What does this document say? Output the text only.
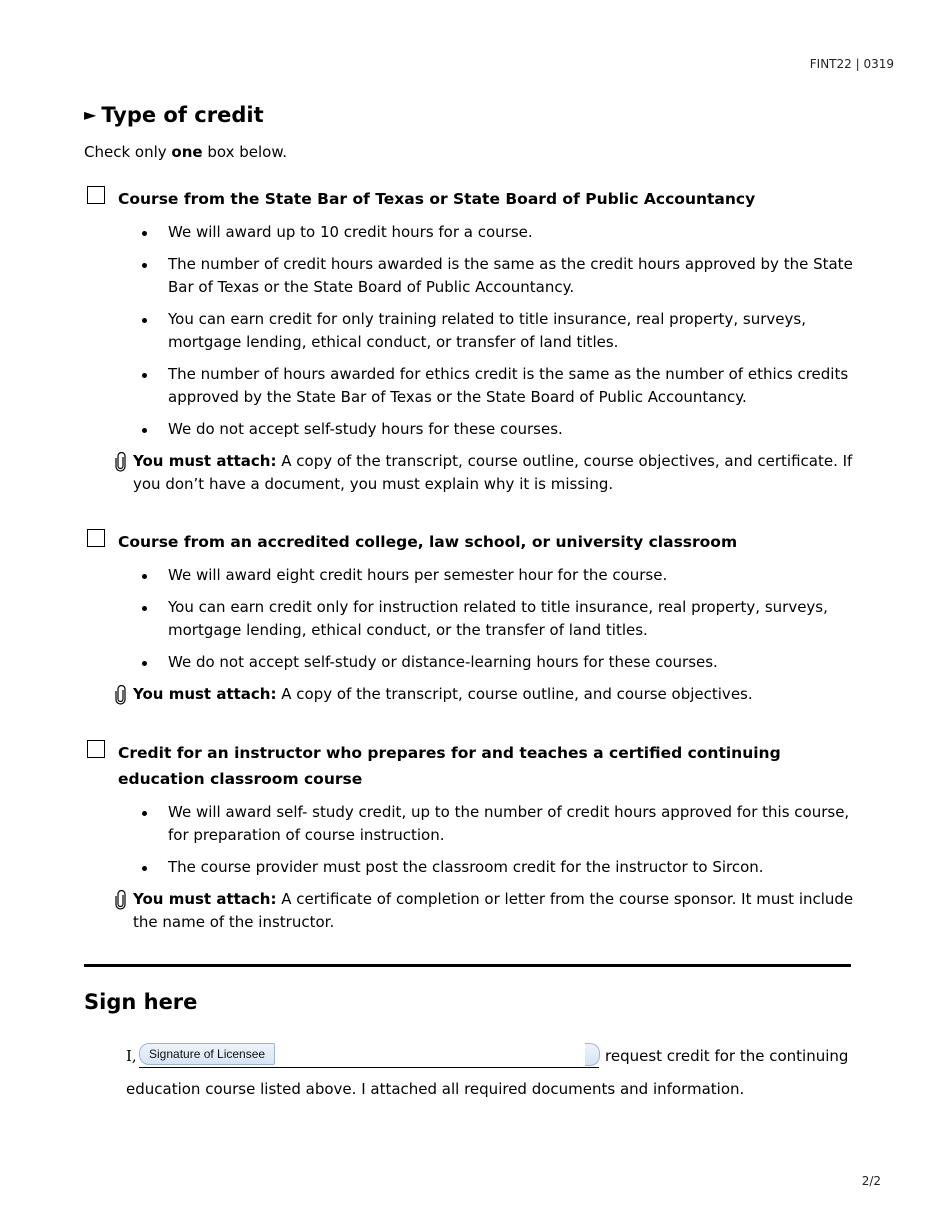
FINT22 | 0319
► Type of credit
Check only one box below.
Course from the State Bar of Texas or State Board of Public Accountancy
We will award up to 10 credit hours for a course.
The number of credit hours awarded is the same as the credit hours approved by the State Bar of Texas or the State Board of Public Accountancy.
You can earn credit for only training related to title insurance, real property, surveys, mortgage lending, ethical conduct, or transfer of land titles.
The number of hours awarded for ethics credit is the same as the number of ethics credits approved by the State Bar of Texas or the State Board of Public Accountancy.
We do not accept self-study hours for these courses.
You must attach: A copy of the transcript, course outline, course objectives, and certificate. If you don’t have a document, you must explain why it is missing.
Course from an accredited college, law school, or university classroom
We will award eight credit hours per semester hour for the course.
You can earn credit only for instruction related to title insurance, real property, surveys, mortgage lending, ethical conduct, or the transfer of land titles.
We do not accept self-study or distance-learning hours for these courses.
You must attach: A copy of the transcript, course outline, and course objectives.
Credit for an instructor who prepares for and teaches a certified continuing education classroom course
We will award self- study credit, up to the number of credit hours approved for this course, for preparation of course instruction.
The course provider must post the classroom credit for the instructor to Sircon.
You must attach: A certificate of completion or letter from the course sponsor. It must include the name of the instructor.
Sign here
I,	Signature of Licensee	request credit for the continuing
education course listed above. I attached all required documents and information.
2/2
